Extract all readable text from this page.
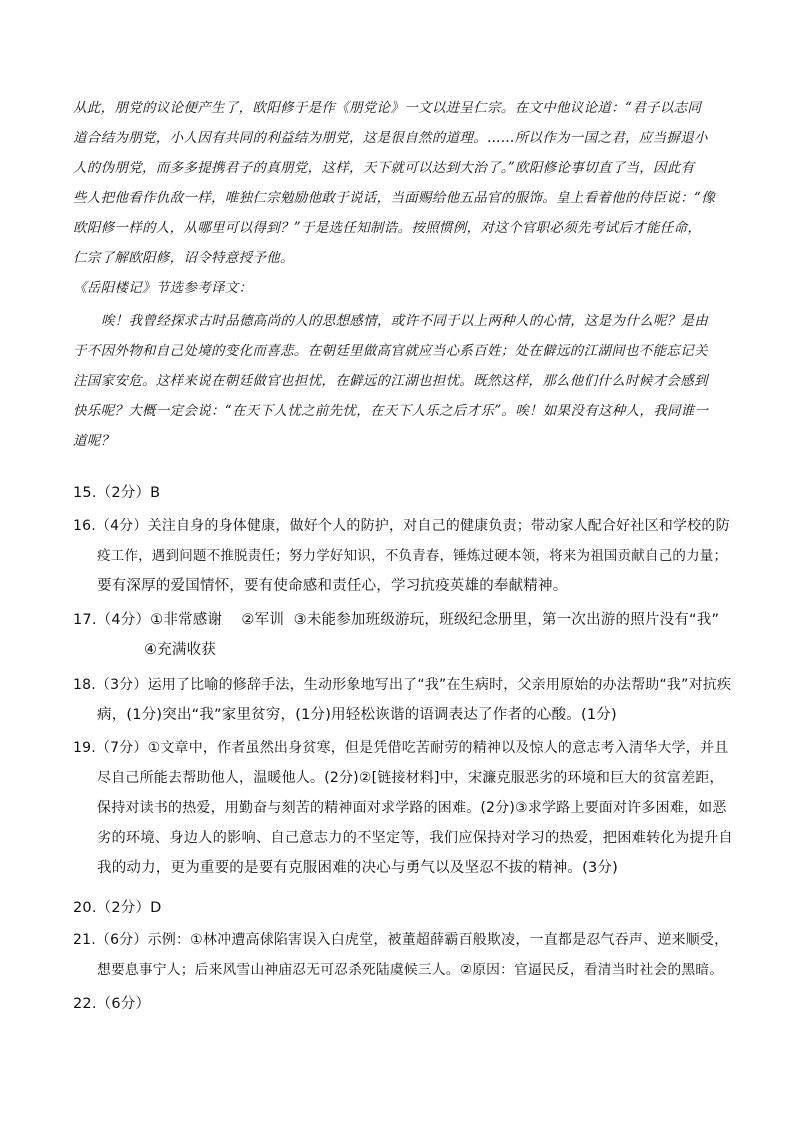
从此，朋党的议论便产生了，欧阳修于是作《朋党论》一文以进呈仁宗。在文中他议论道：“君子以志同
道合结为朋党，小人因有共同的利益结为朋党，这是很自然的道理。……所以作为一国之君，应当摒退小
人的伪朋党，而多多提携君子的真朋党，这样，天下就可以达到大治了。”欧阳修论事切直了当，因此有
些人把他看作仇敌一样，唯独仁宗勉励他敢于说话，当面赐给他五品官的服饰。皇上看着他的侍臣说：“像
欧阳修一样的人，从哪里可以得到？”于是选任知制诰。按照惯例，对这个官职必须先考试后才能任命，
仁宗了解欧阳修，诏令特意授予他。
《岳阳楼记》节选参考译文：
唉！我曾经探求古时品德高尚的人的思想感情，或许不同于以上两种人的心情，这是为什么呢？是由
于不因外物和自己处境的变化而喜悲。在朝廷里做高官就应当心系百姓；处在僻远的江湖间也不能忘记关
注国家安危。这样来说在朝廷做官也担忧，在僻远的江湖也担忧。既然这样，那么他们什么时候才会感到
快乐呢？大概一定会说：“在天下人忧之前先忧，在天下人乐之后才乐”。唉！如果没有这种人，我同谁一
道呢？
15.（2分）B
16.（4分）关注自身的身体健康，做好个人的防护，对自己的健康负责；带动家人配合好社区和学校的防
疫工作，遇到问题不推脱责任；努力学好知识，不负青春，锤炼过硬本领，将来为祖国贡献自己的力量；
要有深厚的爱国情怀，要有使命感和责任心，学习抗疫英雄的奉献精神。
17.（4分）①非常感谢    ②军训  ③未能参加班级游玩，班级纪念册里，第一次出游的照片没有“我”
④充满收获
18.（3分）运用了比喻的修辞手法，生动形象地写出了“我”在生病时，父亲用原始的办法帮助“我”对抗疾
病，(1分)突出“我”家里贫穷，(1分)用轻松诙谐的语调表达了作者的心酸。(1分)
19.（7分）①文章中，作者虽然出身贫寒，但是凭借吃苦耐劳的精神以及惊人的意志考入清华大学，并且
尽自己所能去帮助他人，温暖他人。(2分)②[链接材料]中，宋濂克服恶劣的环境和巨大的贫富差距，
保持对读书的热爱，用勤奋与刻苦的精神面对求学路的困难。(2分)③求学路上要面对许多困难，如恶
劣的环境、身边人的影响、自己意志力的不坚定等，我们应保持对学习的热爱，把困难转化为提升自
我的动力，更为重要的是要有克服困难的决心与勇气以及坚忍不拔的精神。(3分)
20.（2分）D
21.（6分）示例：①林冲遭高俅陷害误入白虎堂，被董超薛霸百般欺凌，一直都是忍气吞声、逆来顺受，
想要息事宁人；后来风雪山神庙忍无可忍杀死陆虞候三人。②原因：官逼民反，看清当时社会的黑暗。
22.（6分）
